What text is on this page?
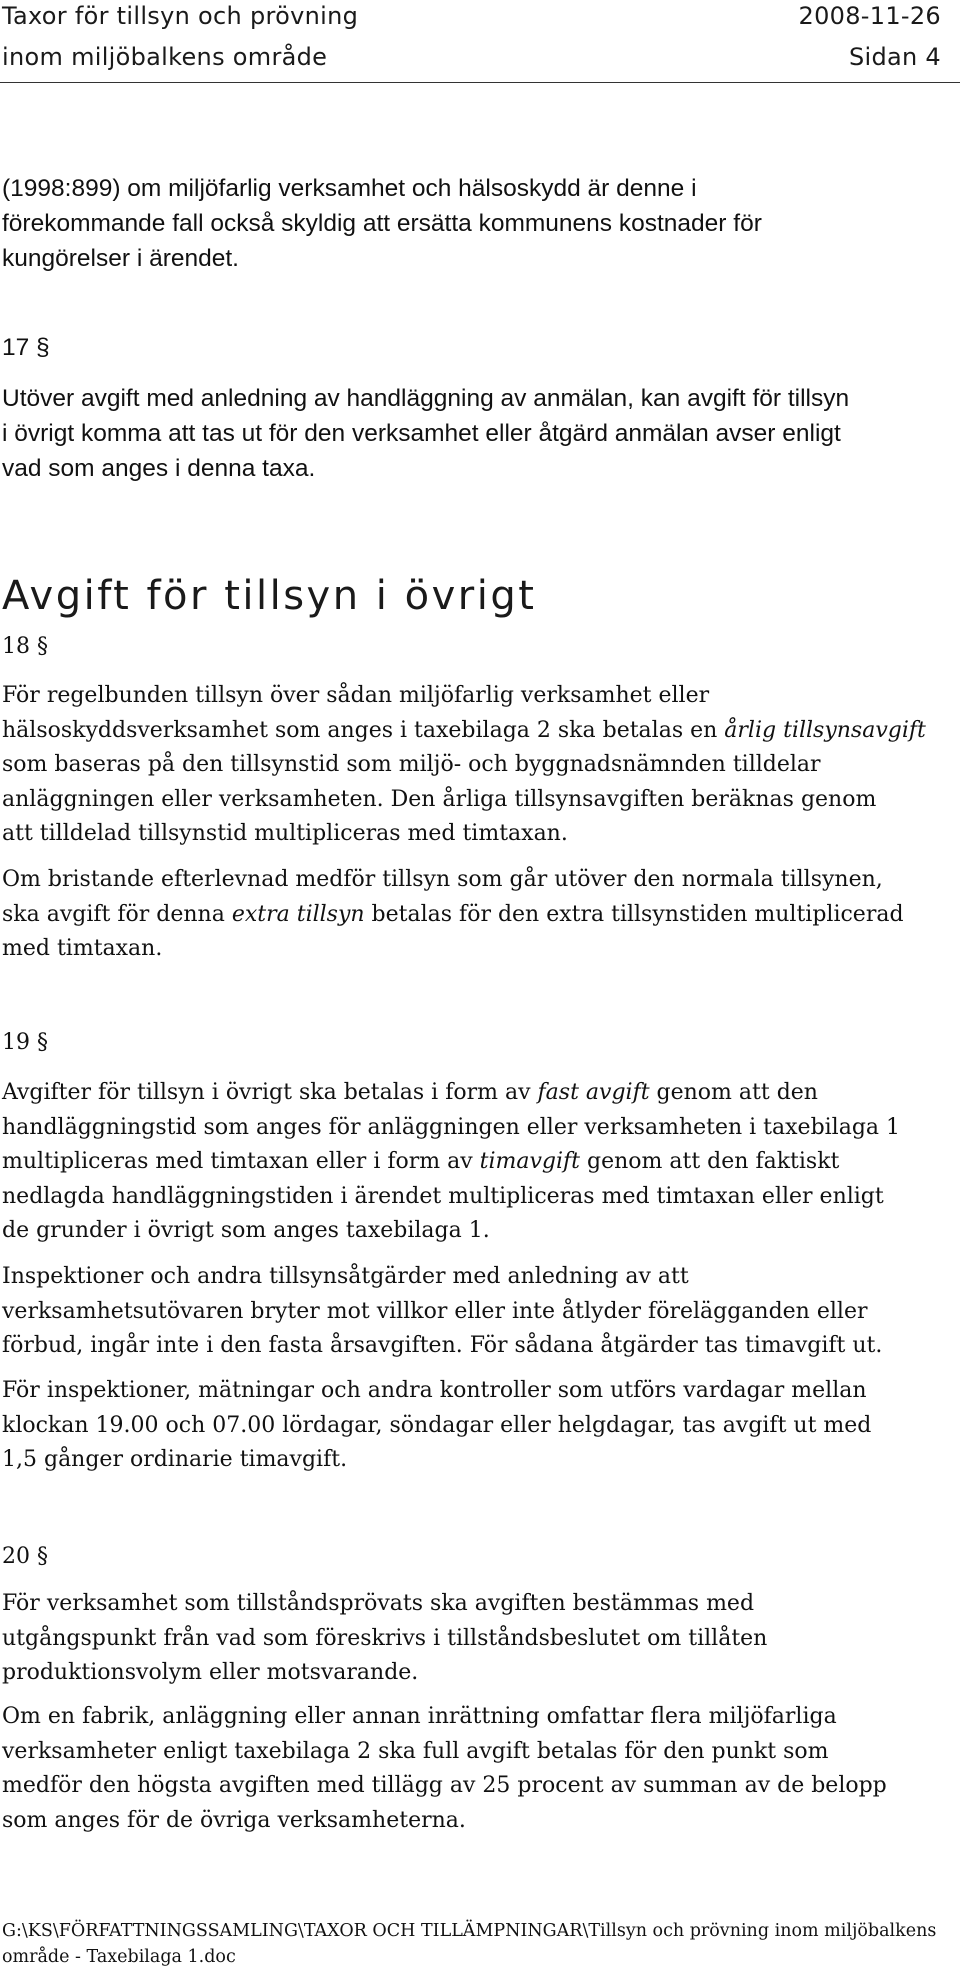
Taxor för tillsyn och prövning	2008-11-26
inom miljöbalkens område	Sidan 4

(1998:899) om miljöfarlig verksamhet och hälsoskydd är denne i
förekommande fall också skyldig att ersätta kommunens kostnader för
kungörelser i ärendet.

17 §

Utöver avgift med anledning av handläggning av anmälan, kan avgift för tillsyn
i övrigt komma att tas ut för den verksamhet eller åtgärd anmälan avser enligt
vad som anges i denna taxa.

Avgift för tillsyn i övrigt
18 §

För regelbunden tillsyn över sådan miljöfarlig verksamhet eller
hälsoskyddsverksamhet som anges i taxebilaga 2 ska betalas en årlig tillsynsavgift
som baseras på den tillsynstid som miljö- och byggnadsnämnden tilldelar
anläggningen eller verksamheten. Den årliga tillsynsavgiften beräknas genom
att tilldelad tillsynstid multipliceras med timtaxan.

Om bristande efterlevnad medför tillsyn som går utöver den normala tillsynen,
ska avgift för denna extra tillsyn betalas för den extra tillsynstiden multiplicerad
med timtaxan.

19 §

Avgifter för tillsyn i övrigt ska betalas i form av fast avgift genom att den
handläggningstid som anges för anläggningen eller verksamheten i taxebilaga 1
multipliceras med timtaxan eller i form av timavgift genom att den faktiskt
nedlagda handläggningstiden i ärendet multipliceras med timtaxan eller enligt
de grunder i övrigt som anges taxebilaga 1.

Inspektioner och andra tillsynsåtgärder med anledning av att
verksamhetsutövaren bryter mot villkor eller inte åtlyder förelägganden eller
förbud, ingår inte i den fasta årsavgiften. För sådana åtgärder tas timavgift ut.

För inspektioner, mätningar och andra kontroller som utförs vardagar mellan
klockan 19.00 och 07.00 lördagar, söndagar eller helgdagar, tas avgift ut med
1,5 gånger ordinarie timavgift.

20 §

För verksamhet som tillståndsprövats ska avgiften bestämmas med
utgångspunkt från vad som föreskrivs i tillståndsbeslutet om tillåten
produktionsvolym eller motsvarande.

Om en fabrik, anläggning eller annan inrättning omfattar flera miljöfarliga
verksamheter enligt taxebilaga 2 ska full avgift betalas för den punkt som
medför den högsta avgiften med tillägg av 25 procent av summan av de belopp
som anges för de övriga verksamheterna.

G:\KS\FÖRFATTNINGSSAMLING\TAXOR OCH TILLÄMPNINGAR\Tillsyn och prövning inom miljöbalkens
område - Taxebilaga 1.doc
